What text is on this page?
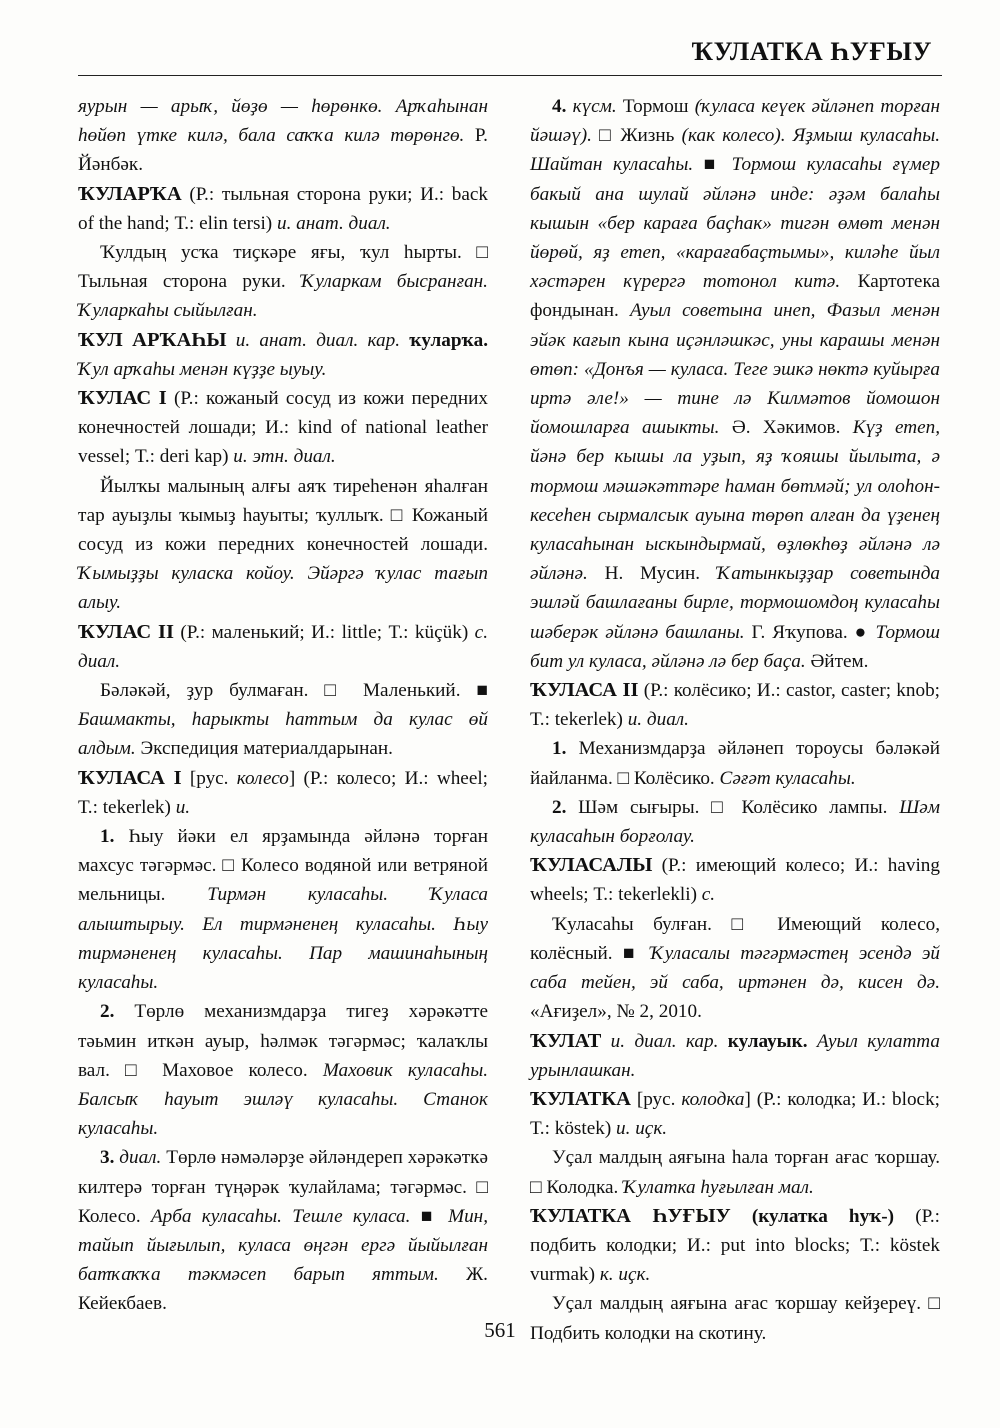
ҠУЛАТКА ҺУҒЫУ

яурын — арыҡ, йөҙө — һөрөнкө. Арҡаһынан һөйөп үтке килә, бала саҡҡа килә төрөнгө. Р. Йәнбәк.

ҠУЛАРҠА (Р.: тыльная сторона руки; И.: back of the hand; Т.: elin tersi) и. анат. диал.

Ҡулдың усҡа тиҫкәре яғы, ҡул һырты. □ Тыльная сторона руки. Ҡуларкам бысранған. Ҡуларкаһы сыйылған.

ҠУЛ АРҠАҺЫ и. анат. диал. кар. ҡуларҡа. Ҡул арҡаһы менән күҙҙе ыуыу.

ҠУЛАС I (Р.: кожаный сосуд из кожи передних конечностей лошади; И.: kind of national leather vessel; Т.: deri kap) и. этн. диал.

Йылҡы малының алғы аяҡ тиреһенән яһалған тар ауыҙлы ҡымыҙ һауыты; ҡуллыҡ. □ Кожаный сосуд из кожи передних конечностей лошади. Ҡымыҙҙы куласка койоу. Эйәргә ҡулас тағып алыу.

ҠУЛАС II (Р.: маленький; И.: little; Т.: küçük) с. диал.

Бәләкәй, ҙур булмаған. □ Маленький. ■ Башмакты, һарыкты һаттым да кулас өй алдым. Экспедиция материалдарынан.

ҠУЛАСА I [рус. колесо] (Р.: колесо; И.: wheel; Т.: tekerlek) и.

1. Һыу йәки ел ярҙамында әйләнә торған махсус тәгәрмәс. □ Колесо водяной или ветряной мельницы. Тирмән куласаһы. Ҡуласа алыштырыу. Ел тирмәненең куласаһы. Һыу тирмәненең куласаһы. Пар машинаһының куласаһы.

2. Төрлө механизмдарҙа тигеҙ хәрәкәтте тәьмин иткән ауыр, һәлмәк тәгәрмәс; ҡалаҡлы вал. □ Маховое колесо. Маховик куласаһы. Балсыҡ һауыт эшләү куласаһы. Станок куласаһы.

3. диал. Төрлө нәмәләрҙе әйләндереп хәрәкәткә килтерә торған түңәрәк ҡулайлама; тәгәрмәс. □ Колесо. Арба куласаһы. Тешле куласа. ■ Мин, тайып йығылып, куласа өңгән ергә йыйылған батҡаҡҡа тәкмәсеп барып яттым. Ж. Кейекбаев.

4. күсм. Тормош (ҡуласа кеүек әйләнеп торған йәшәү). □ Жизнь (как колесо). Яҙмыш куласаһы. Шайтан куласаһы. ■ Тормош куласаһы ғүмер бакый ана шулай әйләнә инде: әҙәм балаһы кышын «бер караға баҫһак» тигән өмөт менән йөрөй, яҙ етеп, «карағабаҫтымы», киләһе йыл хәстәрен күрергә тотонол китә. Картотека фондынан. Ауыл советына инеп, Фазыл менән эйәк кағып кына иҫәнләшкәс, уны карашы менән өтөп: «Донъя — куласа. Теге эшкә нөктә куйырға иртә әле!» — тине лә Килмәтов йомошон йомошларға ашыкты. Ә. Хәкимов. Күҙ етеп, йәнә бер кышы ла уҙып, яҙ ҡояшы йылыта, ә тормош мәшәкәттәре һаман бөтмәй; ул олоһон-кесеһен сырмалсык ауына төрөп алған да үҙенең куласаһынан ыскындырмай, өҙлөкһөҙ әйләнә лә әйләнә. Н. Мусин. Ҡатынкыҙҙар советында эшләй башлағаны бирле, тормошомдоң куласаһы шәберәк әйләнә башланы. Г. Яҡупова. ● Тормош бит ул куласа, әйләнә лә бер баҫа. Әйтем.

ҠУЛАСА II (Р.: колёсико; И.: castor, caster; knob; Т.: tekerlek) и. диал.

1. Механизмдарҙа әйләнеп тороусы бәләкәй йайланма. □ Колёсико. Сәғәт куласаһы.

2. Шәм сығыры. □ Колёсико лампы. Шәм куласаһын борғолау.

ҠУЛАСАЛЫ (Р.: имеющий колесо; И.: having wheels; Т.: tekerlekli) с.

Ҡуласаһы булған. □ Имеющий колесо, колёсный. ■ Ҡуласалы тәгәрмәстең эсендә эй саба тейен, эй саба, иртәнен дә, кисен дә. «Ағиҙел», № 2, 2010.

ҠУЛАТ и. диал. кар. кулауык. Ауыл кулатта урынлашкан.

ҠУЛАТКА [рус. колодка] (Р.: колодка; И.: block; Т.: köstek) и. иҫк.

Уҫал малдың аяғына һала торған ағас ҡоршау. □ Колодка. Ҡулатка һуғылған мал.

ҠУЛАТКА ҺУҒЫУ (кулатка һуҡ-) (Р.: подбить колодки; И.: put into blocks; Т.: köstek vurmak) к. иҫк.

Уҫал малдың аяғына ағас ҡоршау кейҙереү. □ Подбить колодки на скотину.

561
